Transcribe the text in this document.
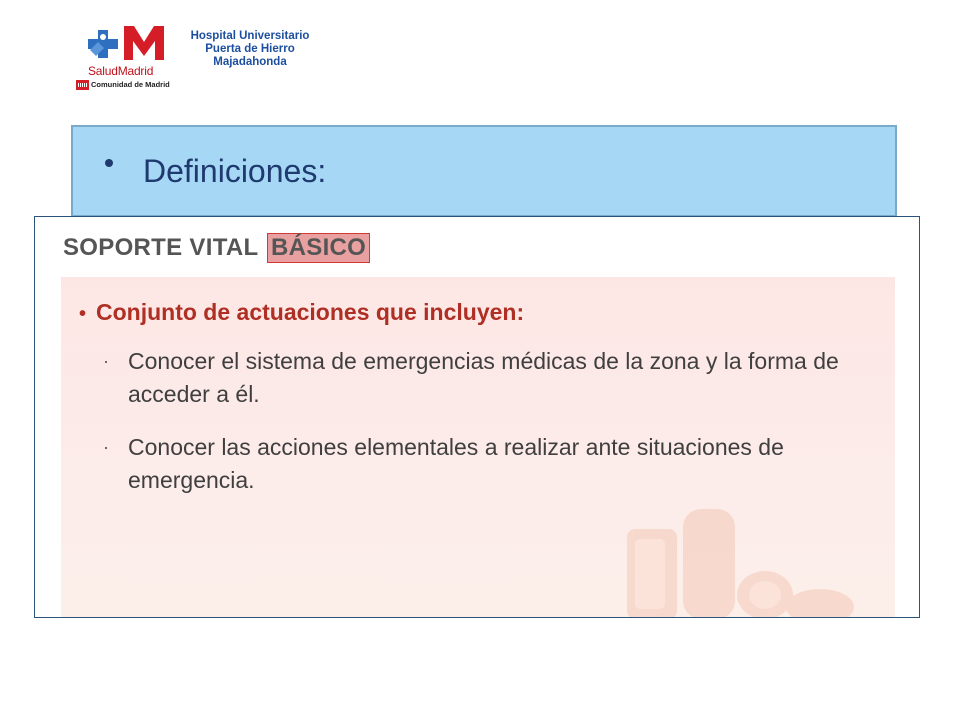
SaludMadrid
Hospital Universitario
Puerta de Hierro
Majadahonda
Comunidad de Madrid
Definiciones:
SOPORTE VITAL BÁSICO
• Conjunto de actuaciones que incluyen:
· Conocer el sistema de emergencias médicas de la zona y la forma de acceder a él.
· Conocer las acciones elementales a realizar ante situaciones de emergencia.
